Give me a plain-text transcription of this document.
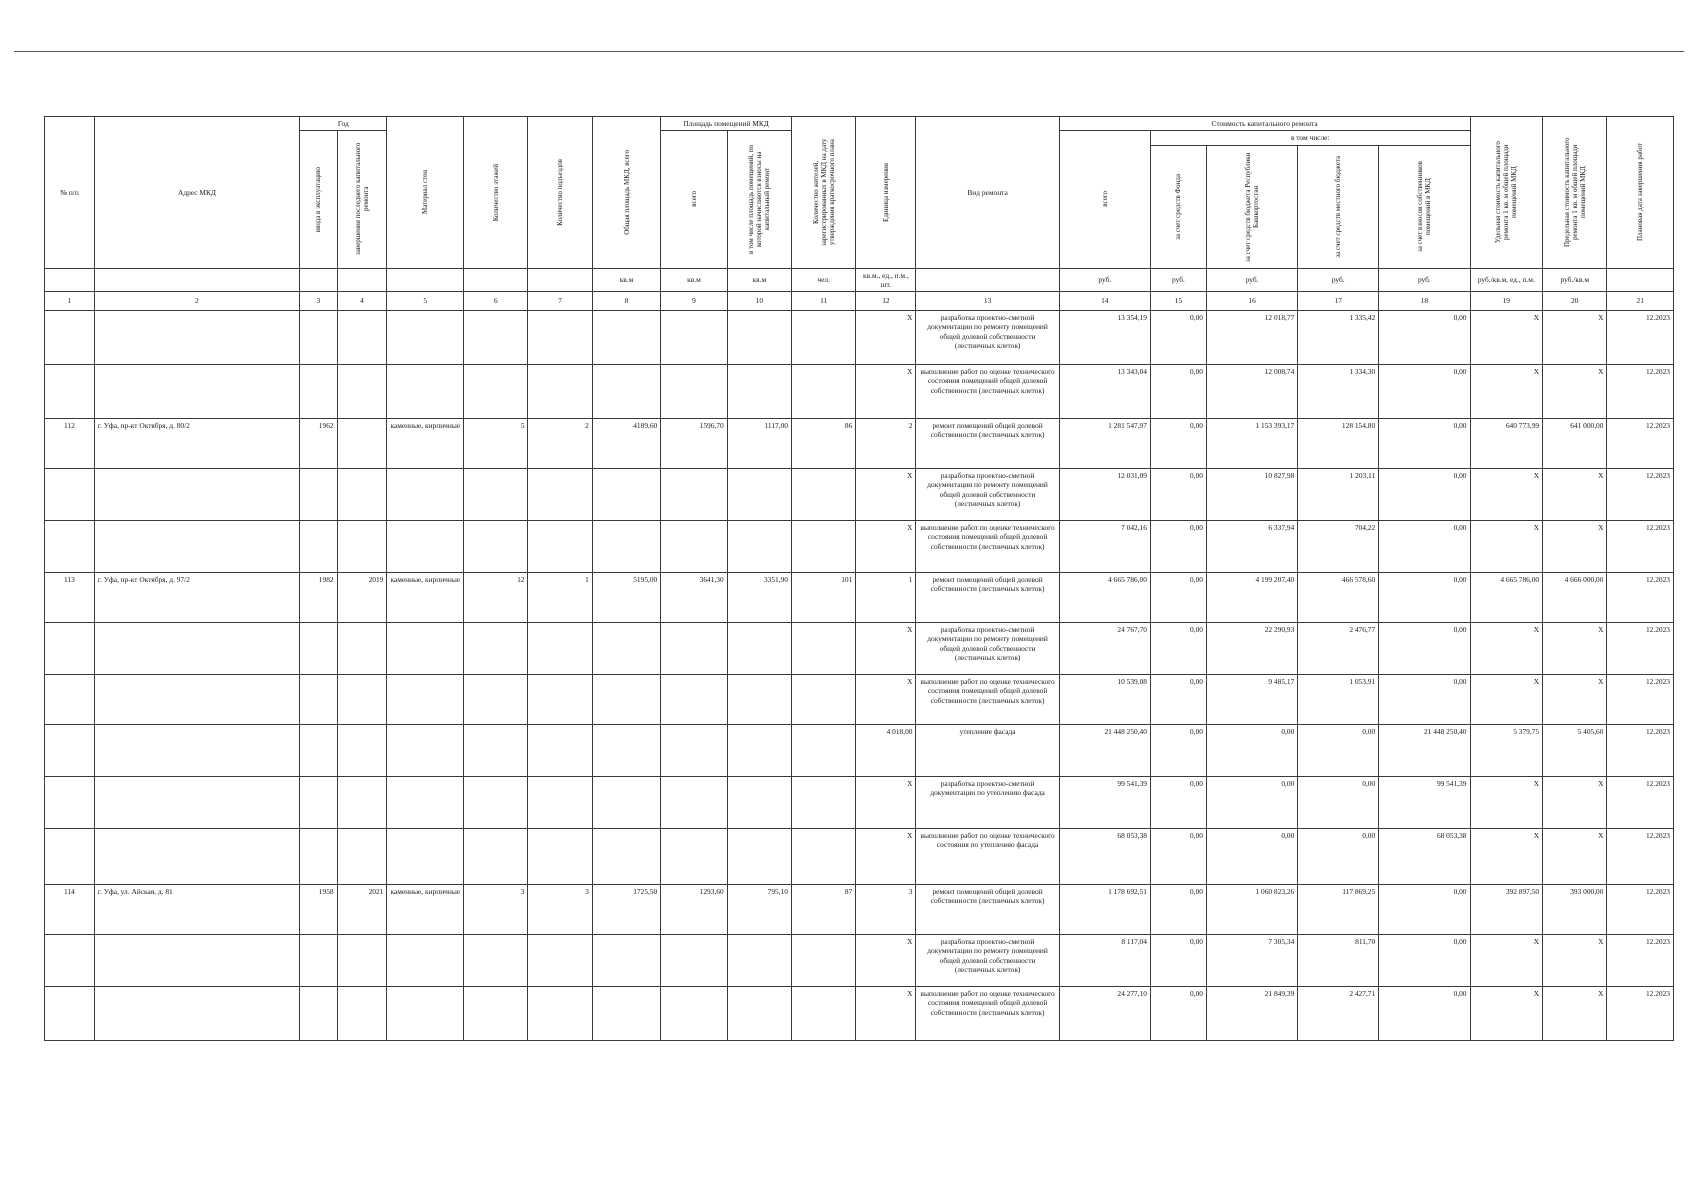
№ п/п	Адрес МКД	Год		Материал стен	Количество этажей	Количество подъездов	Общая площадь МКД, всего	Площадь помещений МКД		Количество жителей, зарегистрированных в МКД на дату утверждения краткосрочного плана	Единица измерения	Вид ремонта	Стоимость капитального ремонта					Удельная стоимость капитального ремонта 1 кв. м общей площади помещений МКД	Предельная стоимость капитального ремонта 1 кв. м общей площади помещений МКД	Плановая дата завершения работ

		ввода в эксплуатацию	завершения последнего капитального ремонта					всего	в том числе площадь помещений, по которой начисляются взносы на капитальный ремонт				всего	в том числе:						

														за счет средств Фонда	за счет средств бюджета Республики Башкортостан	за счет средств местного бюджета	за счет взносов собственников помещений в МКД			

							кв.м	кв.м	кв.м	чел.	кв.м., ед., п.м., шт.		руб.	руб.	руб.	руб.	руб.	руб./кв.м, ед., п.м.	руб./кв.м	
1	2	3	4	5	6	7	8	9	10	11	12	13	14	15	16	17	18	19	20	21
											X	разработка проектно-сметной документации по ремонту помещений общей долевой собственности (лестничных клеток)	13 354,19	0,00	12 018,77	1 335,42	0,00	X	X	12.2023
											X	выполнение работ по оценке технического состояния помещений общей долевой собственности (лестничных клеток)	13 343,04	0,00	12 008,74	1 334,30	0,00	X	X	12.2023
112	г. Уфа, пр-кт Октября, д. 80/2	1962		каменные, кирпичные	5	2	4189,60	1596,70	1117,00	86	2	ремонт помещений общей долевой собственности (лестничных клеток)	1 281 547,97	0,00	1 153 393,17	128 154,80	0,00	640 773,99	641 000,00	12.2023
											X	разработка проектно-сметной документации по ремонту помещений общей долевой собственности (лестничных клеток)	12 031,09	0,00	10 827,98	1 203,11	0,00	X	X	12.2023
											X	выполнение работ по оценке технического состояния помещений общей долевой собственности (лестничных клеток)	7 042,16	0,00	6 337,94	704,22	0,00	X	X	12.2023
113	г. Уфа, пр-кт Октября, д. 97/2	1982	2019	каменные, кирпичные	12	1	5195,00	3641,30	3351,90	101	1	ремонт помещений общей долевой собственности (лестничных клеток)	4 665 786,00	0,00	4 199 207,40	466 578,60	0,00	4 665 786,00	4 666 000,00	12.2023
											X	разработка проектно-сметной документации по ремонту помещений общей долевой собственности (лестничных клеток)	24 767,70	0,00	22 290,93	2 476,77	0,00	X	X	12.2023
											X	выполнение работ по оценке технического состояния помещений общей долевой собственности (лестничных клеток)	10 539,08	0,00	9 485,17	1 053,91	0,00	X	X	12.2023
											4 018,00	утепление фасада	21 448 250,40	0,00	0,00	0,00	21 448 250,40	5 379,75	5 405,60	12.2023
											X	разработка проектно-сметной документации по утеплению фасада	99 541,39	0,00	0,00	0,00	99 541,39	X	X	12.2023
											X	выполнение работ по оценке технического состояния по утеплению фасада	68 053,38	0,00	0,00	0,00	68 053,38	X	X	12.2023
114	г. Уфа, ул. Айская, д. 81	1958	2021	каменные, кирпичные	3	3	1725,50	1293,60	795,10	87	3	ремонт помещений общей долевой собственности (лестничных клеток)	1 178 692,51	0,00	1 060 823,26	117 869,25	0,00	392 897,50	393 000,00	12.2023
											X	разработка проектно-сметной документации по ремонту помещений общей долевой собственности (лестничных клеток)	8 117,04	0,00	7 305,34	811,70	0,00	X	X	12.2023
											X	выполнение работ по оценке технического состояния помещений общей долевой собственности (лестничных клеток)	24 277,10	0,00	21 849,39	2 427,71	0,00	X	X	12.2023
